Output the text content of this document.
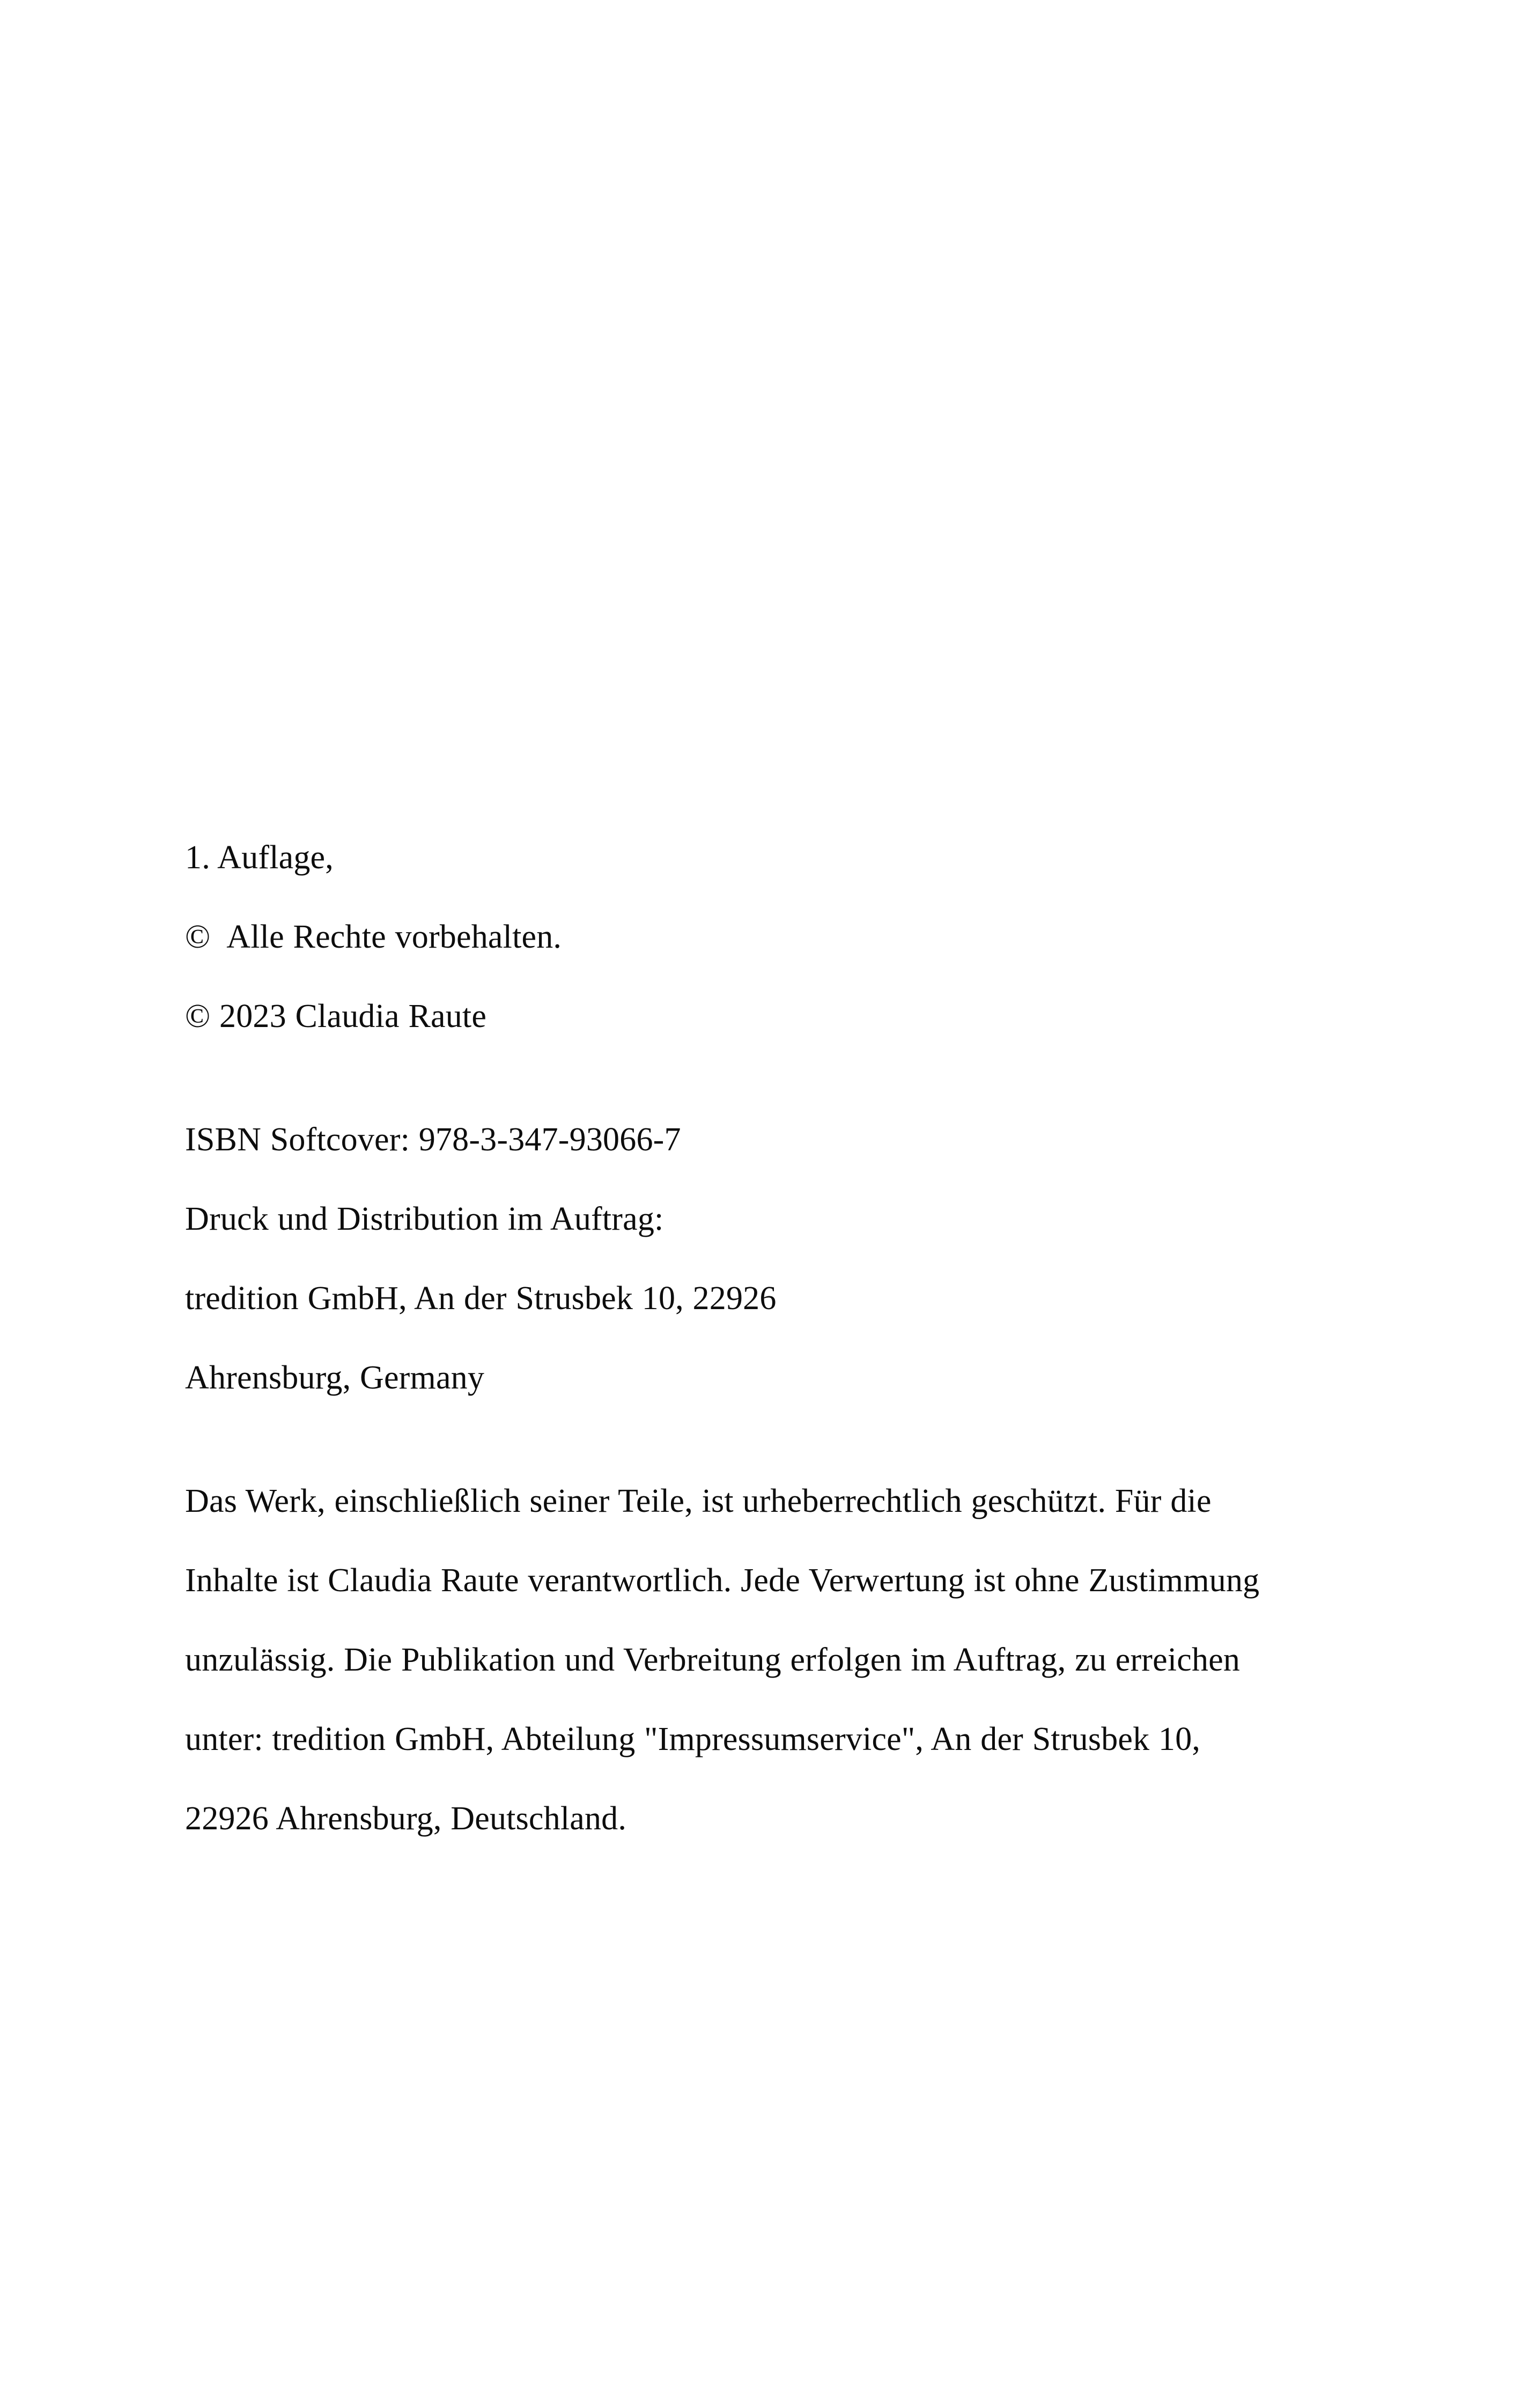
1. Auflage,
©  Alle Rechte vorbehalten.
© 2023 Claudia Raute
ISBN Softcover: 978-3-347-93066-7
Druck und Distribution im Auftrag:
tredition GmbH, An der Strusbek 10, 22926
Ahrensburg, Germany
Das Werk, einschließlich seiner Teile, ist urheberrechtlich geschützt. Für die Inhalte ist Claudia Raute verantwortlich. Jede Verwertung ist ohne Zustimmung unzulässig. Die Publikation und Verbreitung erfolgen im Auftrag, zu erreichen unter: tredition GmbH, Abteilung "Impressumservice", An der Strusbek 10, 22926 Ahrensburg, Deutschland.
